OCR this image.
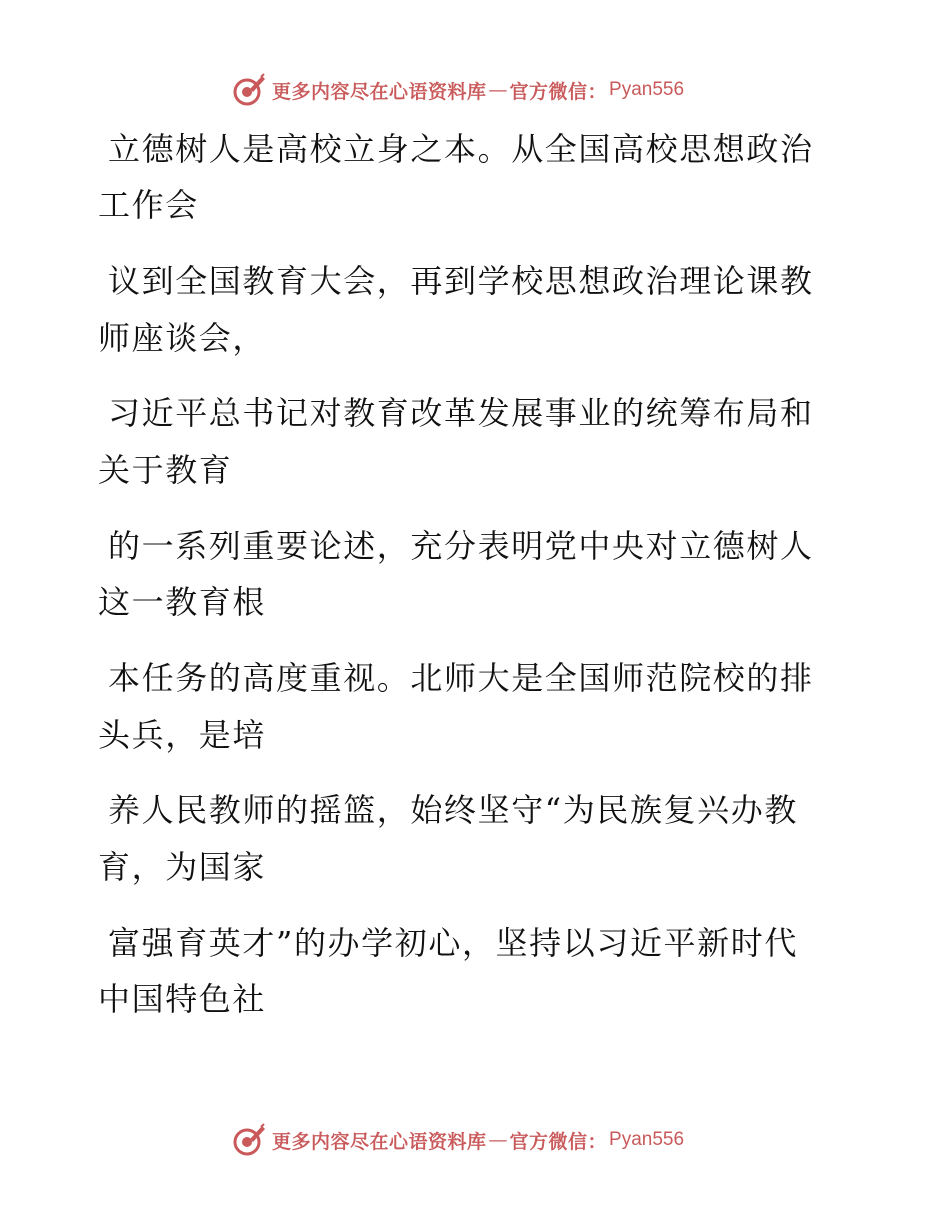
更多内容尽在心语资料库 — 官方微信： Pyan556
立德树人是高校立身之本。从全国高校思想政治
工作会
议到全国教育大会，再到学校思想政治理论课教
师座谈会，
习近平总书记对教育改革发展事业的统筹布局和
关于教育
的一系列重要论述，充分表明党中央对立德树人
这一教育根
本任务的高度重视。北师大是全国师范院校的排
头兵，是培
养人民教师的摇篮，始终坚守“为民族复兴办教
育，为国家
富强育英才”的办学初心，坚持以习近平新时代
中国特色社
更多内容尽在心语资料库 — 官方微信： Pyan556
